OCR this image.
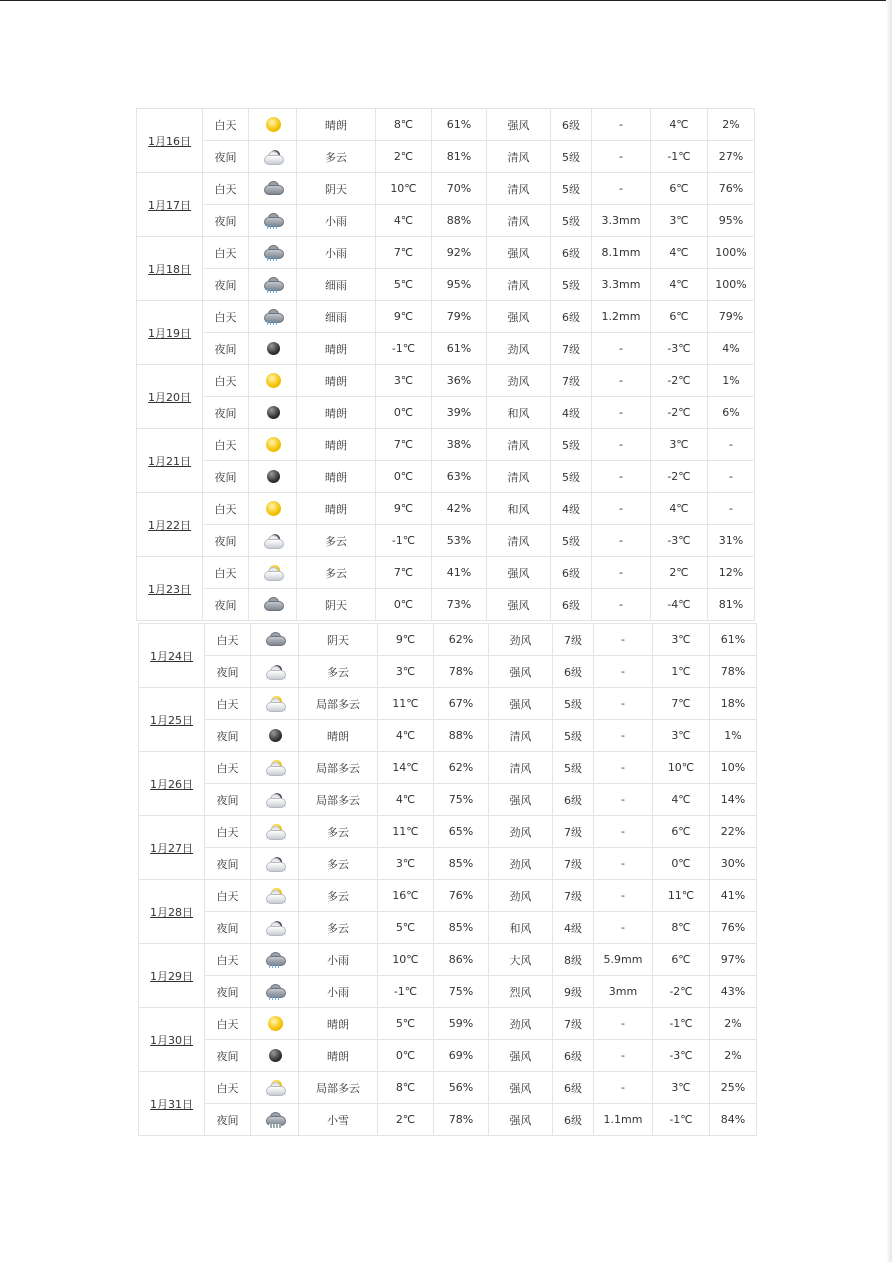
1月16日	白天		晴朗	8℃	61%	强风	6级	-	4℃	2%
	夜间		多云	2℃	81%	清风	5级	-	-1℃	27%
1月17日	白天		阴天	10℃	70%	清风	5级	-	6℃	76%
	夜间		小雨	4℃	88%	清风	5级	3.3mm	3℃	95%
1月18日	白天		小雨	7℃	92%	强风	6级	8.1mm	4℃	100%
	夜间		细雨	5℃	95%	清风	5级	3.3mm	4℃	100%
1月19日	白天		细雨	9℃	79%	强风	6级	1.2mm	6℃	79%
	夜间		晴朗	-1℃	61%	劲风	7级	-	-3℃	4%
1月20日	白天		晴朗	3℃	36%	劲风	7级	-	-2℃	1%
	夜间		晴朗	0℃	39%	和风	4级	-	-2℃	6%
1月21日	白天		晴朗	7℃	38%	清风	5级	-	3℃	-
	夜间		晴朗	0℃	63%	清风	5级	-	-2℃	-
1月22日	白天		晴朗	9℃	42%	和风	4级	-	4℃	-
	夜间		多云	-1℃	53%	清风	5级	-	-3℃	31%
1月23日	白天		多云	7℃	41%	强风	6级	-	2℃	12%
	夜间		阴天	0℃	73%	强风	6级	-	-4℃	81%
1月24日	白天		阴天	9℃	62%	劲风	7级	-	3℃	61%
	夜间		多云	3℃	78%	强风	6级	-	1℃	78%
1月25日	白天		局部多云	11℃	67%	强风	5级	-	7℃	18%
	夜间		晴朗	4℃	88%	清风	5级	-	3℃	1%
1月26日	白天		局部多云	14℃	62%	清风	5级	-	10℃	10%
	夜间		局部多云	4℃	75%	强风	6级	-	4℃	14%
1月27日	白天		多云	11℃	65%	劲风	7级	-	6℃	22%
	夜间		多云	3℃	85%	劲风	7级	-	0℃	30%
1月28日	白天		多云	16℃	76%	劲风	7级	-	11℃	41%
	夜间		多云	5℃	85%	和风	4级	-	8℃	76%
1月29日	白天		小雨	10℃	86%	大风	8级	5.9mm	6℃	97%
	夜间		小雨	-1℃	75%	烈风	9级	3mm	-2℃	43%
1月30日	白天		晴朗	5℃	59%	劲风	7级	-	-1℃	2%
	夜间		晴朗	0℃	69%	强风	6级	-	-3℃	2%
1月31日	白天		局部多云	8℃	56%	强风	6级	-	3℃	25%
	夜间		小雪	2℃	78%	强风	6级	1.1mm	-1℃	84%
